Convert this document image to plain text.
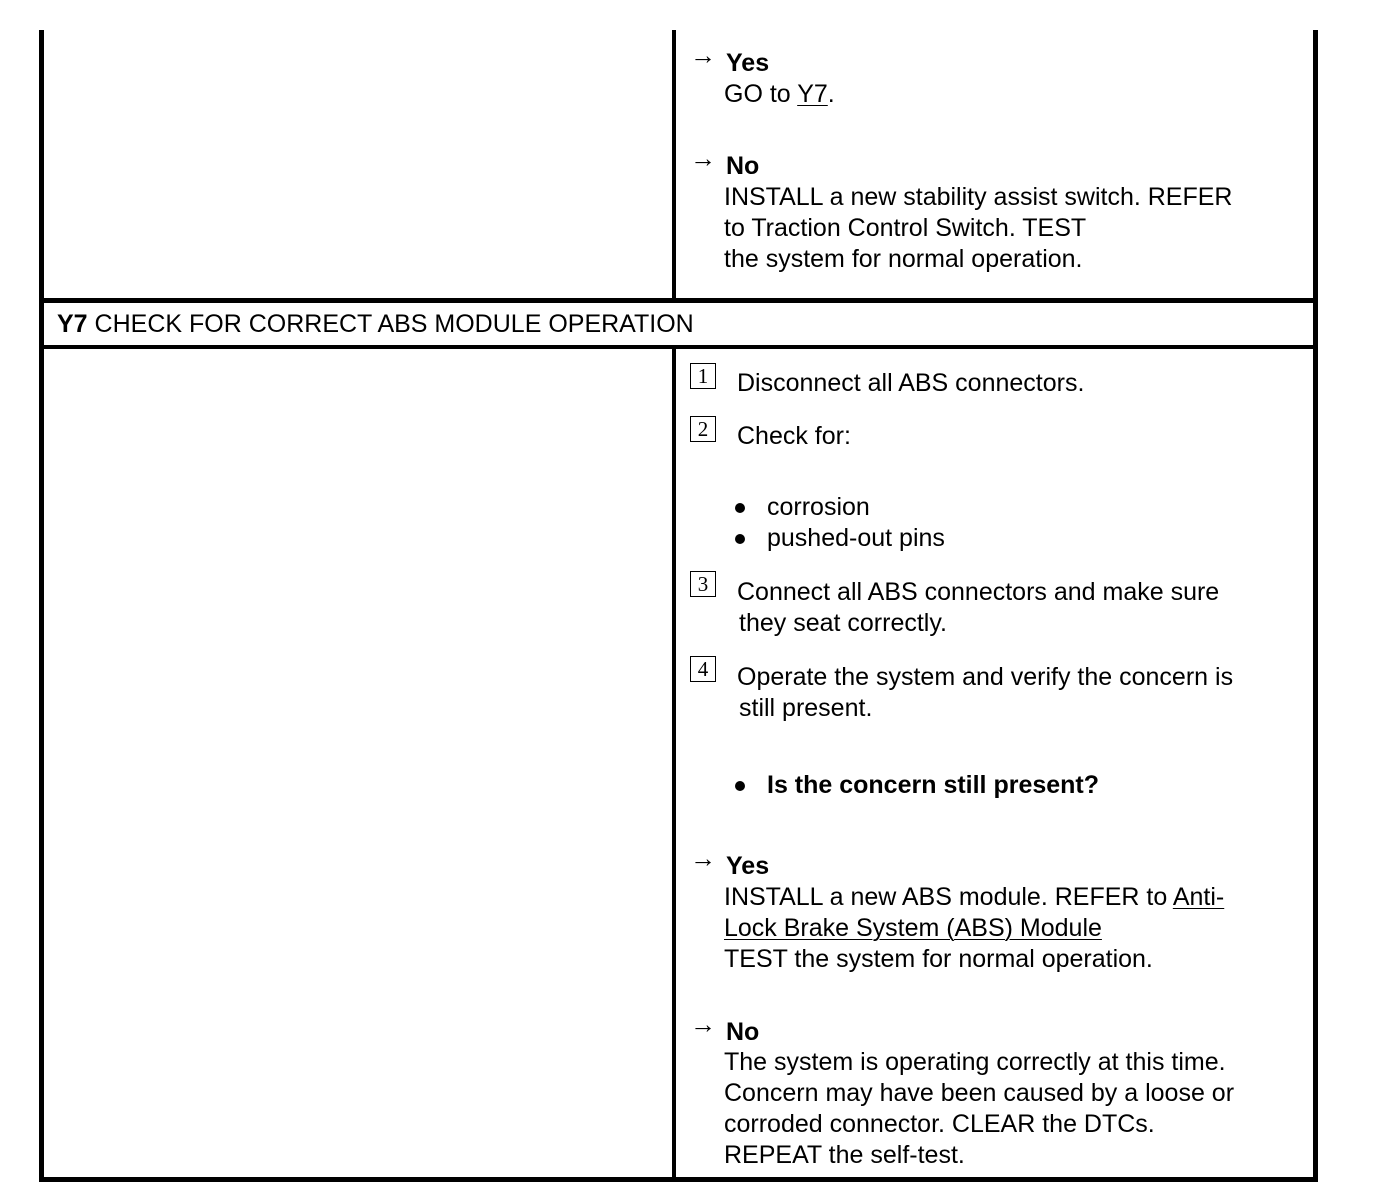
→ Yes
GO to Y7.
→ No
INSTALL a new stability assist switch. REFER
to Traction Control Switch. TEST
the system for normal operation.
Y7 CHECK FOR CORRECT ABS MODULE OPERATION
1	Disconnect all ABS connectors.
2	Check for:
corrosion
pushed-out pins
3	Connect all ABS connectors and make sure
they seat correctly.
4	Operate the system and verify the concern is
still present.
Is the concern still present?
→ Yes
INSTALL a new ABS module. REFER to Anti-
Lock Brake System (ABS) Module
TEST the system for normal operation.
→ No
The system is operating correctly at this time.
Concern may have been caused by a loose or
corroded connector. CLEAR the DTCs.
REPEAT the self-test.
